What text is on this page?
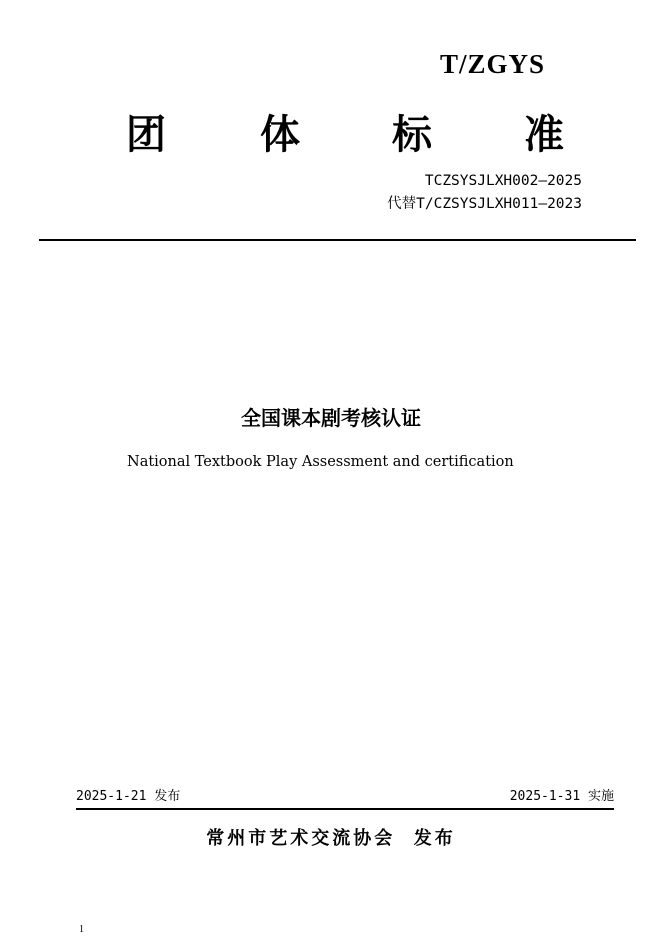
T/ZGYS
团 体 标 准
TCZSYSJLXH002—2025
代替T/CZSYSJLXH011—2023
全国课本剧考核认证
National Textbook Play Assessment and certification
2025-1-21 发布	2025-1-31 实施
常州市艺术交流协会  发布
1
